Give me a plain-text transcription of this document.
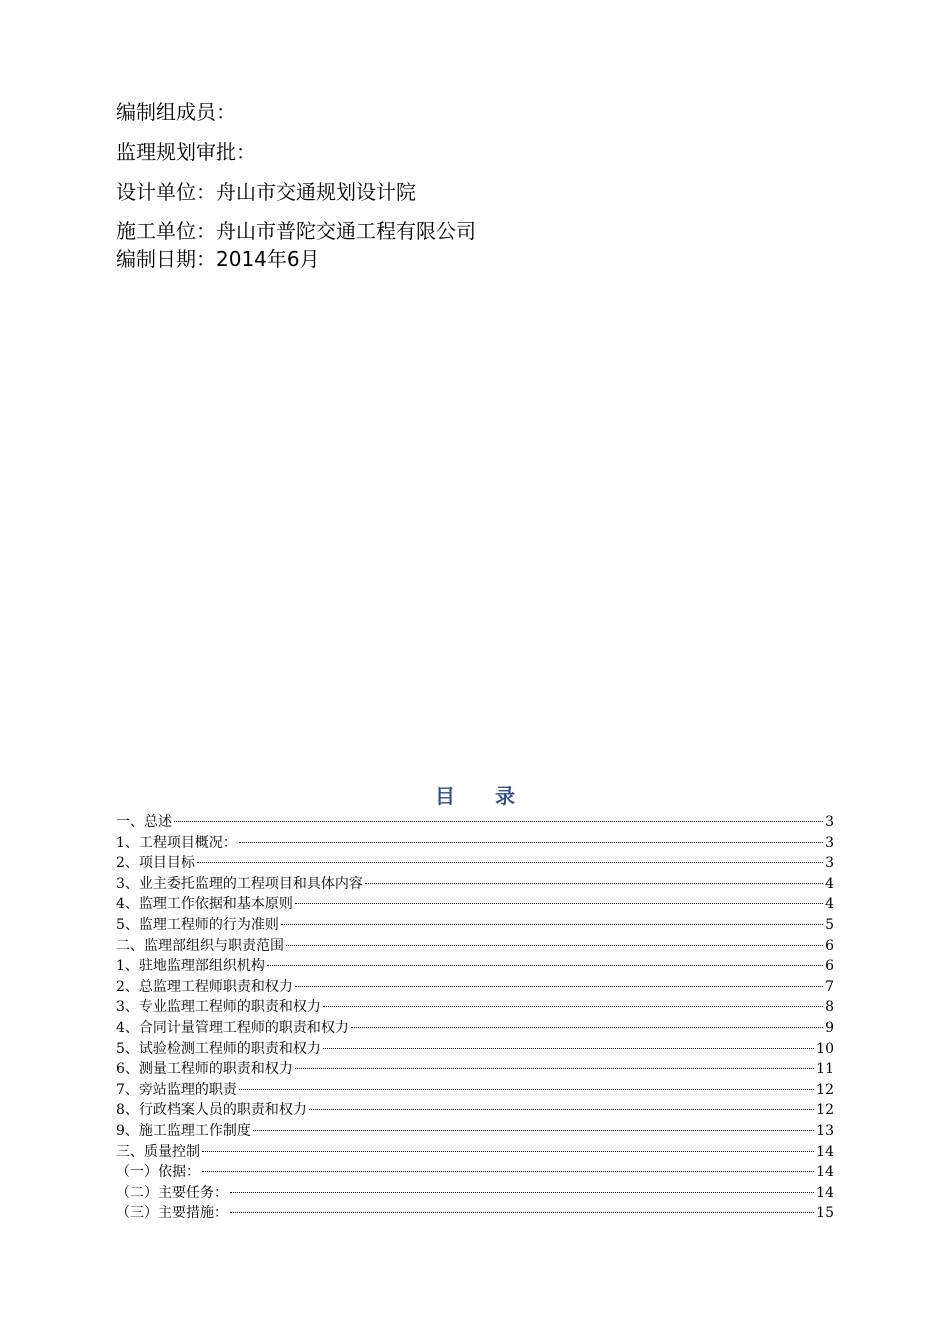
编制组成员：
监理规划审批：
设计单位：舟山市交通规划设计院
施工单位：舟山市普陀交通工程有限公司
编制日期：2014年6月
目录
一、总述	3
1、工程项目概况：	3
2、项目目标	3
3、业主委托监理的工程项目和具体内容	4
4、监理工作依据和基本原则	4
5、监理工程师的行为准则	5
二、监理部组织与职责范围	6
1、驻地监理部组织机构	6
2、总监理工程师职责和权力	7
3、专业监理工程师的职责和权力	8
4、合同计量管理工程师的职责和权力	9
5、试验检测工程师的职责和权力	10
6、测量工程师的职责和权力	11
7、旁站监理的职责	12
8、行政档案人员的职责和权力	12
9、施工监理工作制度	13
三、质量控制	14
（一）依据：	14
（二）主要任务：	14
（三）主要措施：	15
